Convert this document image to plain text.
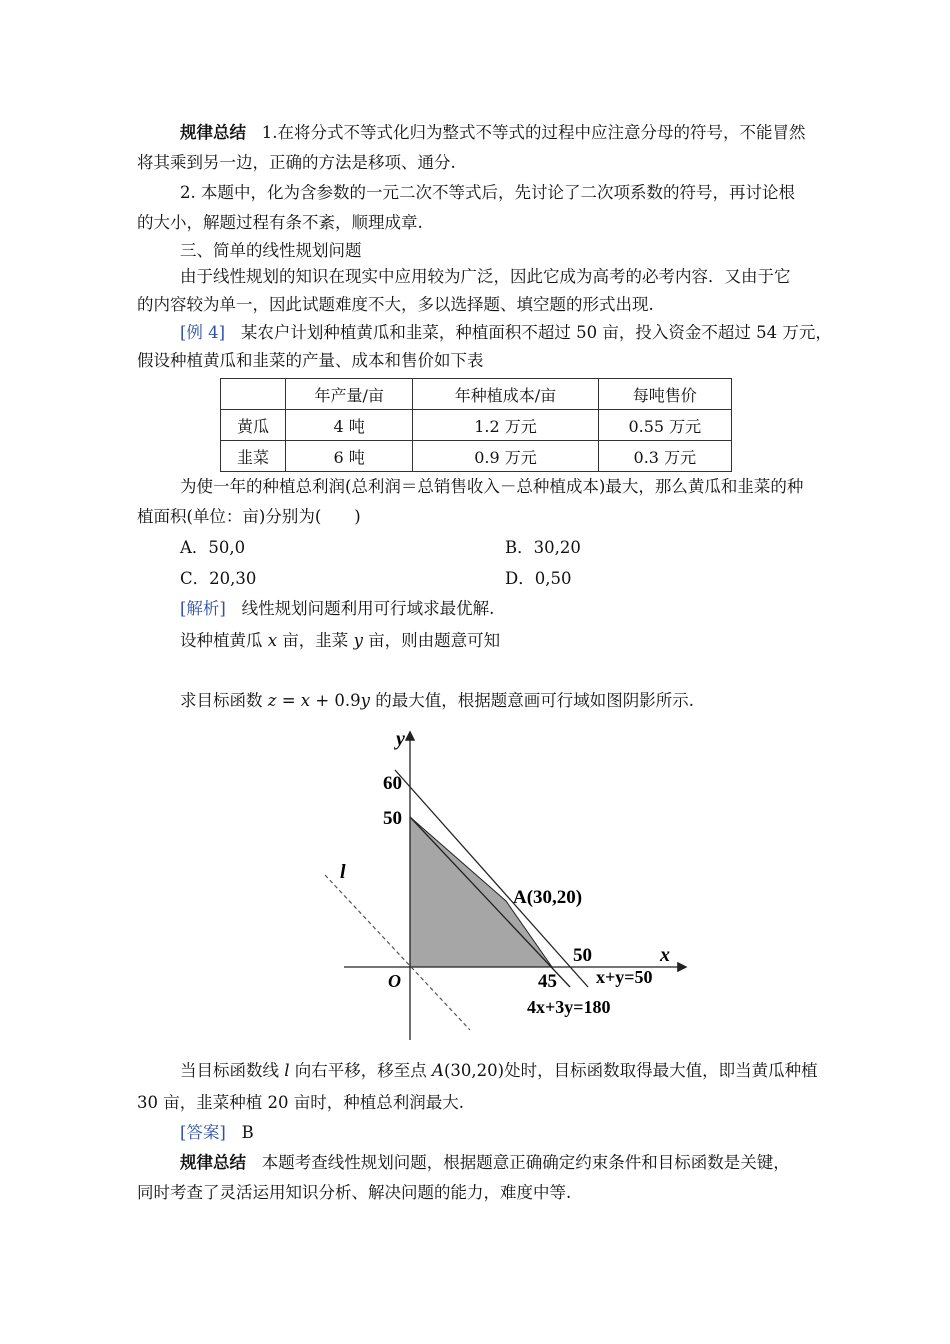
规律总结 1.在将分式不等式化归为整式不等式的过程中应注意分母的符号，不能冒然
将其乘到另一边，正确的方法是移项、通分.
2. 本题中，化为含参数的一元二次不等式后，先讨论了二次项系数的符号，再讨论根
的大小，解题过程有条不紊，顺理成章.
三、简单的线性规划问题
由于线性规划的知识在现实中应用较为广泛，因此它成为高考的必考内容．又由于它
的内容较为单一，因此试题难度不大，多以选择题、填空题的形式出现.
[例 4] 某农户计划种植黄瓜和韭菜，种植面积不超过 50 亩，投入资金不超过 54 万元，
假设种植黄瓜和韭菜的产量、成本和售价如下表
	年产量/亩	年种植成本/亩	每吨售价
黄瓜	4 吨	1.2 万元	0.55 万元
韭菜	6 吨	0.9 万元	0.3 万元
为使一年的种植总利润(总利润＝总销售收入－总种植成本)最大，那么黄瓜和韭菜的种
植面积(单位：亩)分别为(　　)
A．50,0	B．30,20
C．20,30	D．0,50
[解析] 线性规划问题利用可行域求最优解.
设种植黄瓜 x 亩，韭菜 y 亩，则由题意可知
求目标函数 z = x + 0.9y 的最大值，根据题意画可行域如图阴影所示.
y
x
O
60
50
50
45
l
A(30,20)
x+y=50
4x+3y=180
当目标函数线 l 向右平移，移至点 A(30,20)处时，目标函数取得最大值，即当黄瓜种植
30 亩，韭菜种植 20 亩时，种植总利润最大.
[答案] B
规律总结 本题考查线性规划问题，根据题意正确确定约束条件和目标函数是关键，
同时考查了灵活运用知识分析、解决问题的能力，难度中等.
